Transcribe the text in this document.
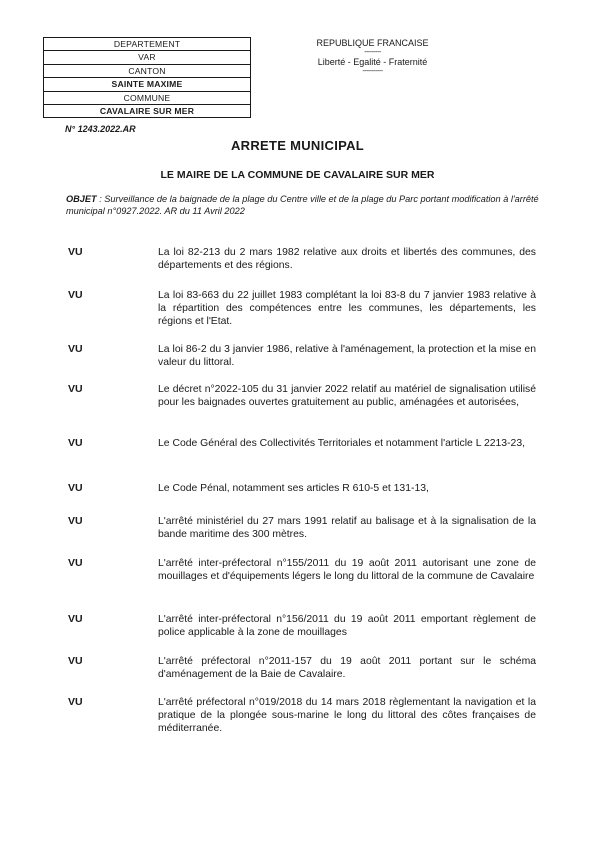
DEPARTEMENT
VAR
CANTON
SAINTE MAXIME
COMMUNE
CAVALAIRE SUR MER
REPUBLIQUE FRANCAISE
---------
Liberté - Egalité - Fraternité
-----------
N° 1243.2022.AR
ARRETE MUNICIPAL
LE MAIRE DE LA COMMUNE DE CAVALAIRE SUR MER
OBJET : Surveillance de la baignade de la plage du Centre ville et de la plage du Parc portant modification à l'arrêté municipal n°0927.2022. AR du 11 Avril 2022
VU	La loi 82-213 du 2 mars 1982 relative aux droits et libertés des communes, des départements et des régions.
VU	La loi 83-663 du 22 juillet 1983 complétant la loi 83-8 du 7 janvier 1983 relative à la répartition des compétences entre les communes, les départements, les régions et l'Etat.
VU	La loi 86-2 du 3 janvier 1986, relative à l'aménagement, la protection et la mise en valeur du littoral.
VU	Le décret n°2022-105 du 31 janvier 2022 relatif au matériel de signalisation utilisé pour les baignades ouvertes gratuitement au public, aménagées et autorisées,
VU	Le Code Général des Collectivités Territoriales et notamment l'article L 2213-23,
VU	Le Code Pénal, notamment ses articles R 610-5 et 131-13,
VU	L'arrêté ministériel du 27 mars 1991 relatif au balisage et à la signalisation de la bande maritime des 300 mètres.
VU	L'arrêté inter-préfectoral n°155/2011 du 19 août 2011 autorisant une zone de mouillages et d'équipements légers le long du littoral de la commune de Cavalaire
VU	L'arrêté inter-préfectoral n°156/2011 du 19 août 2011 emportant règlement de police applicable à la zone de mouillages
VU	L'arrêté préfectoral n°2011-157 du 19 août 2011 portant sur le schéma d'aménagement de la Baie de Cavalaire.
VU	L'arrêté préfectoral n°019/2018 du 14 mars 2018 règlementant la navigation et la pratique de la plongée sous-marine le long du littoral des côtes françaises de méditerranée.
